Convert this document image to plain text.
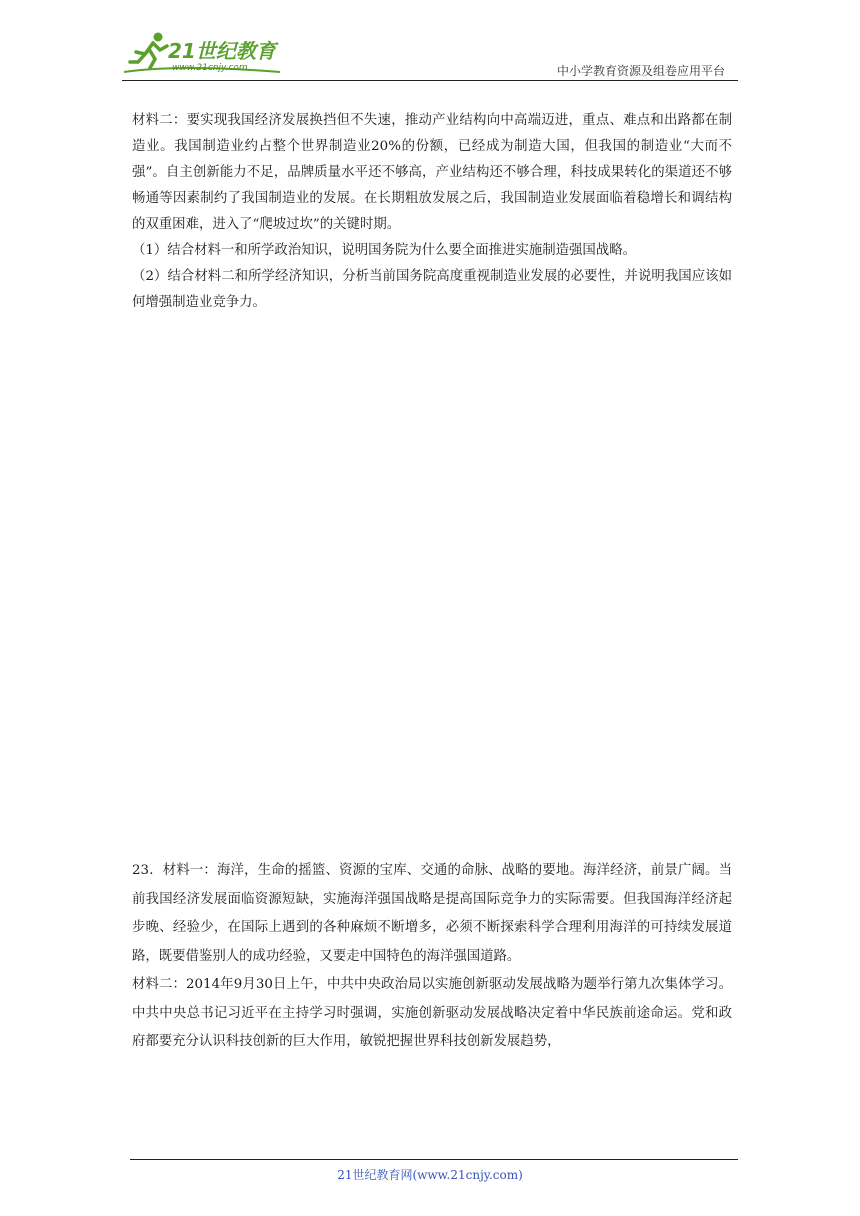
21世纪教育
www.21cnjy.com	中小学教育资源及组卷应用平台

材料二：要实现我国经济发展换挡但不失速，推动产业结构向中高端迈进，重点、难点和出路都在制造业。我国制造业约占整个世界制造业20%的份额，已经成为制造大国，但我国的制造业“大而不强”。自主创新能力不足，品牌质量水平还不够高，产业结构还不够合理，科技成果转化的渠道还不够畅通等因素制约了我国制造业的发展。在长期粗放发展之后，我国制造业发展面临着稳增长和调结构的双重困难，进入了“爬坡过坎”的关键时期。

（1）结合材料一和所学政治知识，说明国务院为什么要全面推进实施制造强国战略。

（2）结合材料二和所学经济知识，分析当前国务院高度重视制造业发展的必要性，并说明我国应该如何增强制造业竞争力。

23．材料一：海洋，生命的摇篮、资源的宝库、交通的命脉、战略的要地。海洋经济，前景广阔。当前我国经济发展面临资源短缺，实施海洋强国战略是提高国际竞争力的实际需要。但我国海洋经济起步晚、经验少，在国际上遇到的各种麻烦不断增多，必须不断探索科学合理利用海洋的可持续发展道路，既要借鉴别人的成功经验，又要走中国特色的海洋强国道路。

材料二：2014年9月30日上午，中共中央政治局以实施创新驱动发展战略为题举行第九次集体学习。中共中央总书记习近平在主持学习时强调，实施创新驱动发展战略决定着中华民族前途命运。党和政府都要充分认识科技创新的巨大作用，敏锐把握世界科技创新发展趋势，

21世纪教育网(www.21cnjy.com)
